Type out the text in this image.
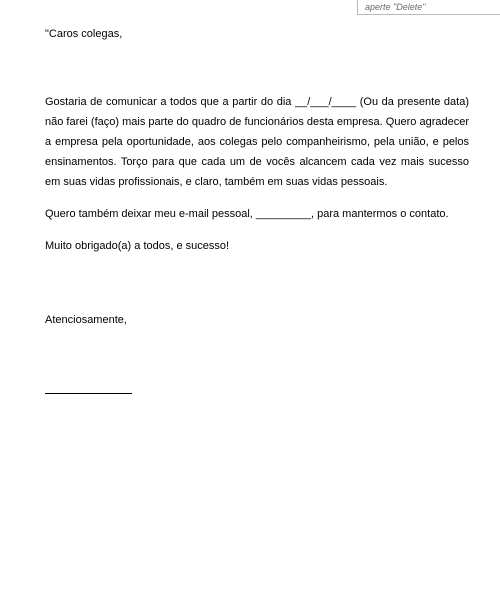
aperte "Delete"

"Caros colegas,

Gostaria de comunicar a todos que a partir do dia __/___/____ (Ou da presente data) não farei (faço) mais parte do quadro de funcionários desta empresa. Quero agradecer a empresa pela oportunidade, aos colegas pelo companheirismo, pela união, e pelos ensinamentos. Torço para que cada um de vocês alcancem cada vez mais sucesso em suas vidas profissionais, e claro, também em suas vidas pessoais.

Quero também deixar meu e-mail pessoal, _________, para mantermos o contato.

Muito obrigado(a) a todos, e sucesso!

Atenciosamente,
